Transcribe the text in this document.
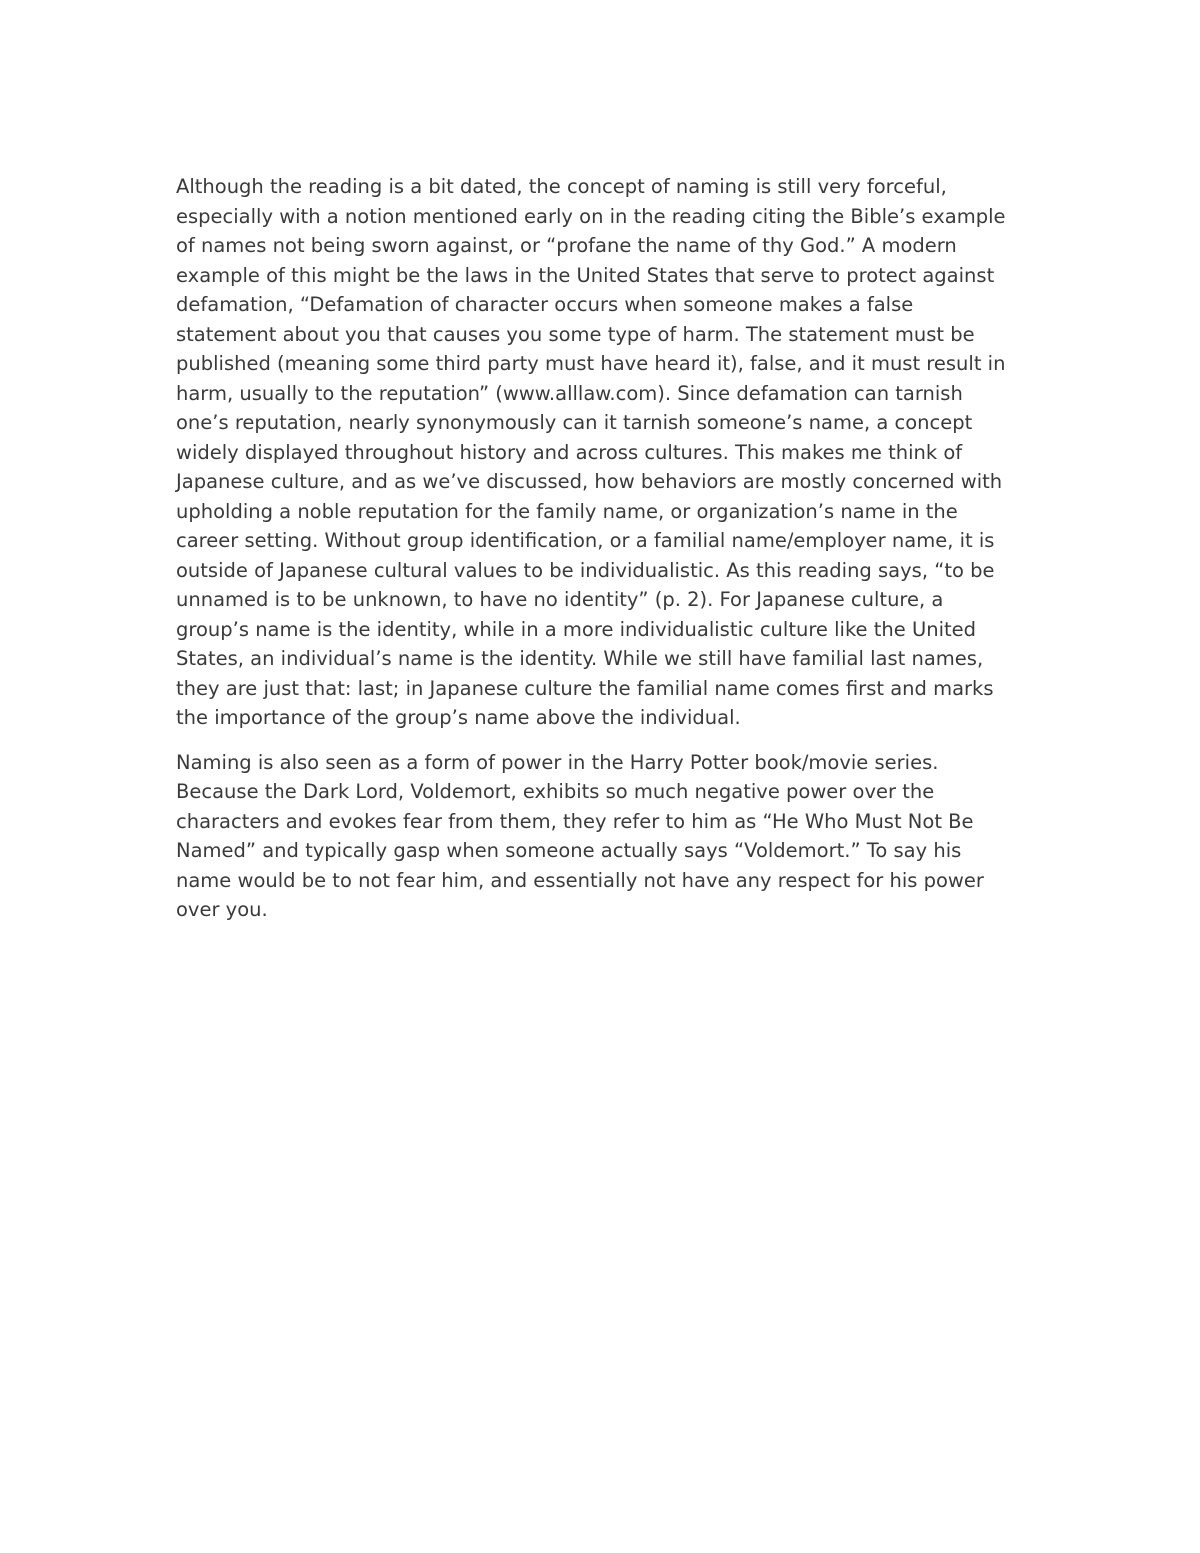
Although the reading is a bit dated, the concept of naming is still very forceful,
especially with a notion mentioned early on in the reading citing the Bible’s example
of names not being sworn against, or “profane the name of thy God.” A modern
example of this might be the laws in the United States that serve to protect against
defamation, “Defamation of character occurs when someone makes a false
statement about you that causes you some type of harm. The statement must be
published (meaning some third party must have heard it), false, and it must result in
harm, usually to the reputation” (www.alllaw.com). Since defamation can tarnish
one’s reputation, nearly synonymously can it tarnish someone’s name, a concept
widely displayed throughout history and across cultures. This makes me think of
Japanese culture, and as we’ve discussed, how behaviors are mostly concerned with
upholding a noble reputation for the family name, or organization’s name in the
career setting. Without group identification, or a familial name/employer name, it is
outside of Japanese cultural values to be individualistic. As this reading says, “to be
unnamed is to be unknown, to have no identity” (p. 2). For Japanese culture, a
group’s name is the identity, while in a more individualistic culture like the United
States, an individual’s name is the identity. While we still have familial last names,
they are just that: last; in Japanese culture the familial name comes first and marks
the importance of the group’s name above the individual.

Naming is also seen as a form of power in the Harry Potter book/movie series.
Because the Dark Lord, Voldemort, exhibits so much negative power over the
characters and evokes fear from them, they refer to him as “He Who Must Not Be
Named” and typically gasp when someone actually says “Voldemort.” To say his
name would be to not fear him, and essentially not have any respect for his power
over you.
